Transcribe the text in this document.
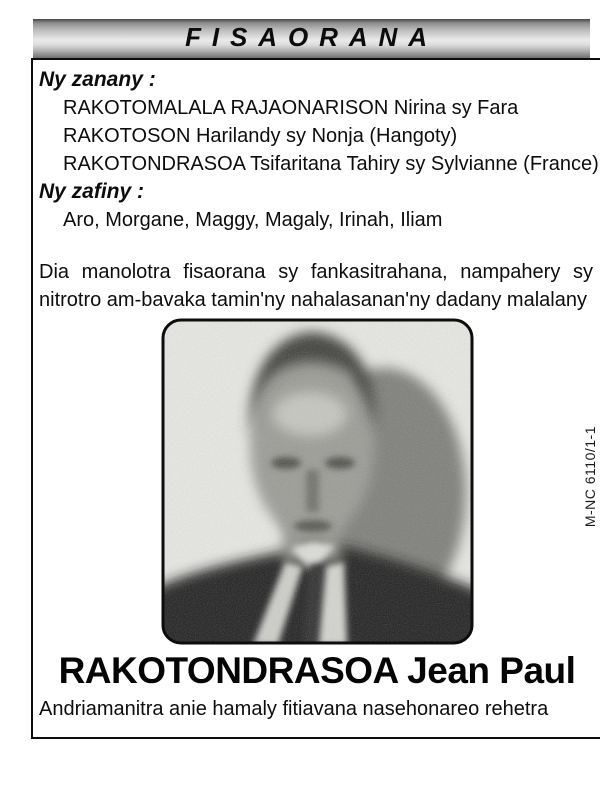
FISAORANA
Ny zanany :
RAKOTOMALALA RAJAONARISON Nirina sy Fara
RAKOTOSON Harilandy sy Nonja (Hangoty)
RAKOTONDRASOA Tsifaritana Tahiry sy Sylvianne (France)
Ny zafiny :
Aro, Morgane, Maggy, Magaly, Irinah, Iliam

Dia manolotra fisaorana sy fankasitrahana, nampahery sy
nitrotro am-bavaka tamin'ny nahalasanan'ny dadany malalany

RAKOTONDRASOA Jean Paul
Andriamanitra anie hamaly fitiavana nasehonareo rehetra
M-NC 6110/1-1
